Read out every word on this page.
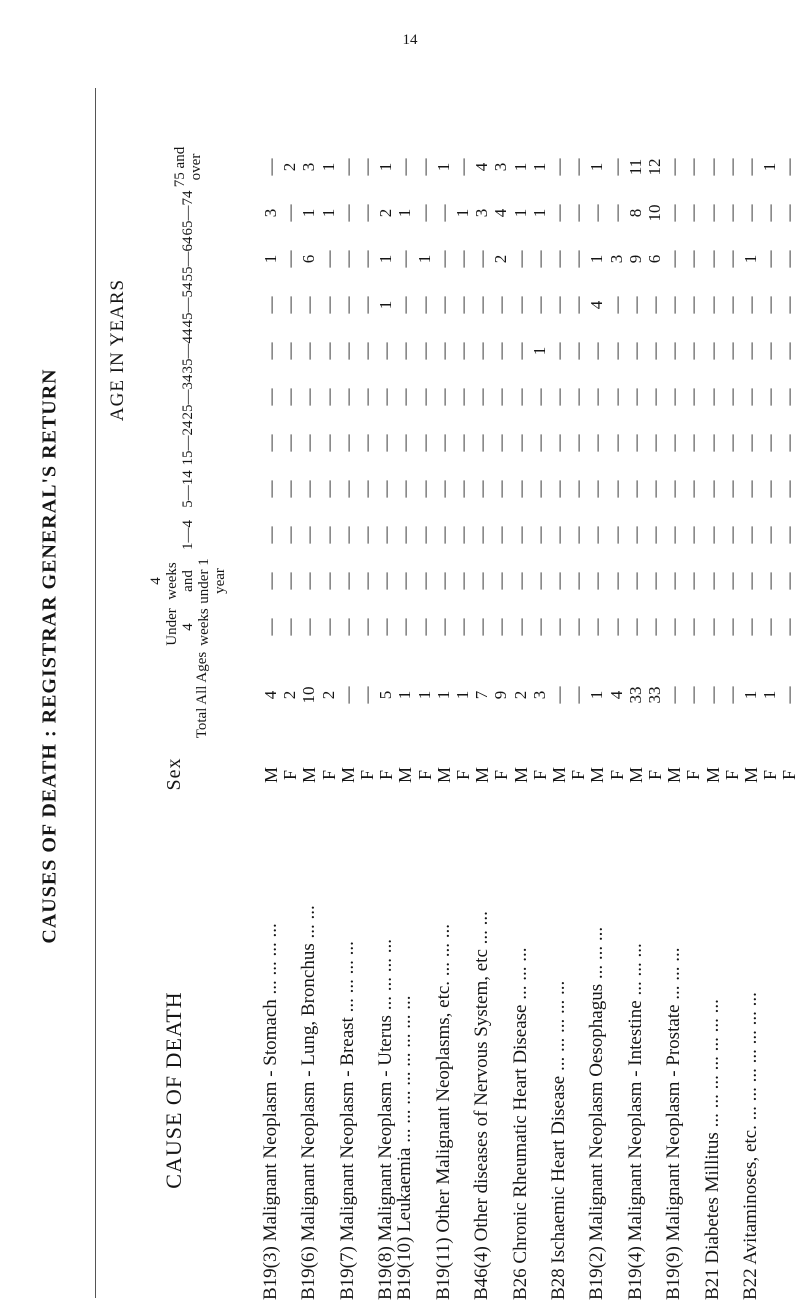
14
CAUSES OF DEATH : REGISTRAR GENERAL'S RETURN
CAUSE OF DEATH
Sex
Total All Ages
AGE IN YEARS
Under 4 weeks
4 weeks and under 1 year
1—4
5—14
15—24
25—34
35—44
45—54
55—64
65—74
75 and over
B19(3) Malignant Neoplasm - Stomach ... ... ... ...
M
4
—
—
—
—
—
—
—
—
1
3
—
F
2
—
—
—
—
—
—
—
—
—
—
2
B19(6) Malignant Neoplasm - Lung, Bronchus ... ...
M
10
—
—
—
—
—
—
—
—
6
1
3
F
2
—
—
—
—
—
—
—
—
—
1
1
B19(7) Malignant Neoplasm - Breast ... ... ... ...
M
—
—
—
—
—
—
—
—
—
—
—
—
F
—
—
—
—
—
—
—
—
—
—
—
—
B19(8) Malignant Neoplasm - Uterus ... ... ... ...
F
5
—
—
—
—
—
—
—
1
1
2
1
B19(10) Leukaemia ... ... ... ... ... ... ... ...
M
1
—
—
—
—
—
—
—
—
—
1
—
F
1
—
—
—
—
—
—
—
—
1
—
—
B19(11) Other Malignant Neoplasms, etc. ... ... ...
M
1
—
—
—
—
—
—
—
—
—
—
1
F
1
—
—
—
—
—
—
—
—
—
1
—
B46(4) Other diseases of Nervous System, etc ... ...
M
7
—
—
—
—
—
—
—
—
—
3
4
F
9
—
—
—
—
—
—
—
—
2
4
3
B26 Chronic Rheumatic Heart Disease ... ... ...
M
2
—
—
—
—
—
—
—
—
—
1
1
F
3
—
—
—
—
—
—
1
—
—
1
1
B28 Ischaemic Heart Disease ... ... ... ... ...
M
—
—
—
—
—
—
—
—
—
—
—
—
F
—
—
—
—
—
—
—
—
—
—
—
—
B19(2) Malignant Neoplasm Oesophagus ... ... ...
M
1
—
—
—
—
—
—
—
4
1
—
1
F
4
—
—
—
—
—
—
—
—
3
—
—
B19(4) Malignant Neoplasm - Intestine ... ... ...
M
33
—
—
—
—
—
—
—
—
9
8
11
F
33
—
—
—
—
—
—
—
—
6
10
12
B19(9) Malignant Neoplasm - Prostate ... ... ...
M
—
—
—
—
—
—
—
—
—
—
—
—
F
—
—
—
—
—
—
—
—
—
—
—
—
B21 Diabetes Millitus ... ... ... ... ... ... ...
M
—
—
—
—
—
—
—
—
—
—
—
—
F
—
—
—
—
—
—
—
—
—
—
—
—
B22 Avitaminoses, etc. ... ... ... ... ... ... ...
M
1
—
—
—
—
—
—
—
—
1
—
—
F
1
—
—
—
—
—
—
—
—
—
—
1
F
—
—
—
—
—
—
—
—
—
—
—
—
